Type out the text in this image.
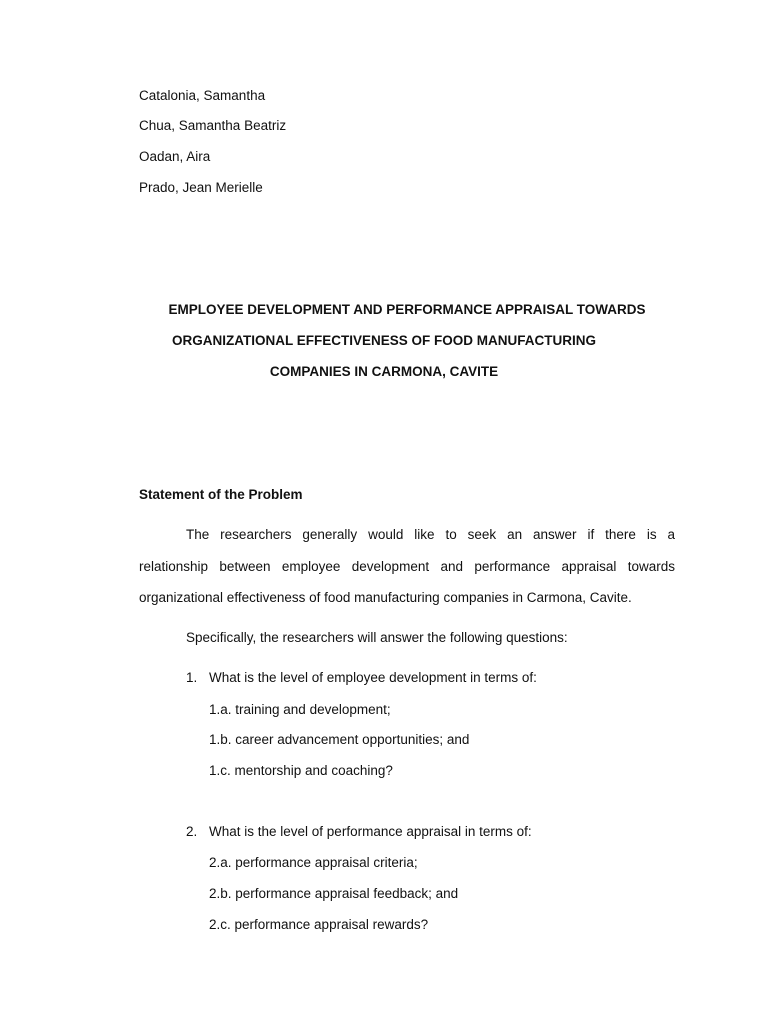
Catalonia, Samantha
Chua, Samantha Beatriz
Oadan, Aira
Prado, Jean Merielle
EMPLOYEE DEVELOPMENT AND PERFORMANCE APPRAISAL TOWARDS
ORGANIZATIONAL EFFECTIVENESS OF FOOD MANUFACTURING
COMPANIES IN CARMONA, CAVITE
Statement of the Problem
The researchers generally would like to seek an answer if there is a
relationship between employee development and performance appraisal towards
organizational effectiveness of food manufacturing companies in Carmona, Cavite.
Specifically, the researchers will answer the following questions:
1. What is the level of employee development in terms of:
1.a. training and development;
1.b. career advancement opportunities; and
1.c. mentorship and coaching?
2. What is the level of performance appraisal in terms of:
2.a. performance appraisal criteria;
2.b. performance appraisal feedback; and
2.c. performance appraisal rewards?
